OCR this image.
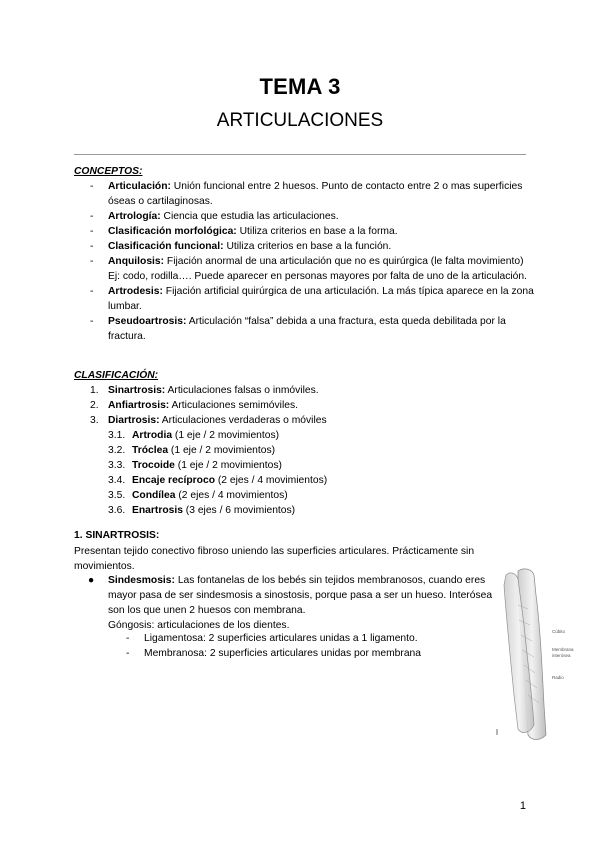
TEMA 3
ARTICULACIONES
CONCEPTOS:
- Articulación: Unión funcional entre 2 huesos. Punto de contacto entre 2 o mas superficies óseas o cartilaginosas.
- Artrología: Ciencia que estudia las articulaciones.
- Clasificación morfológica: Utiliza criterios en base a la forma.
- Clasificación funcional: Utiliza criterios en base a la función.
- Anquilosis: Fijación anormal de una articulación que no es quirúrgica (le falta movimiento) Ej: codo, rodilla…. Puede aparecer en personas mayores por falta de uno de la articulación.
- Artrodesis: Fijación artificial quirúrgica de una articulación. La más típica aparece en la zona lumbar.
- Pseudoartrosis: Articulación “falsa” debida a una fractura, esta queda debilitada por la fractura.
CLASIFICACIÓN:
1. Sinartrosis: Articulaciones falsas o inmóviles.
2. Anfiartrosis: Articulaciones semimóviles.
3. Diartrosis: Articulaciones verdaderas o móviles
3.1. Artrodia (1 eje / 2 movimientos)
3.2. Tróclea (1 eje / 2 movimientos)
3.3. Trocoide (1 eje / 2 movimientos)
3.4. Encaje recíproco (2 ejes / 4 movimientos)
3.5. Condílea (2 ejes / 4 movimientos)
3.6. Enartrosis (3 ejes / 6 movimientos)
1. SINARTROSIS:
Presentan tejido conectivo fibroso uniendo las superficies articulares. Prácticamente sin movimientos.
● Sindesmosis: Las fontanelas de los bebés sin tejidos membranosos, cuando eres mayor pasa de ser sindesmosis a sinostosis, porque pasa a ser un hueso. Interósea son los que unen 2 huesos con membrana.
Góngosis: articulaciones de los dientes.
- Ligamentosa: 2 superficies articulares unidas a 1 ligamento.
- Membranosa: 2 superficies articulares unidas por membrana
Cúbito
Membrana interósea
Radio
1
